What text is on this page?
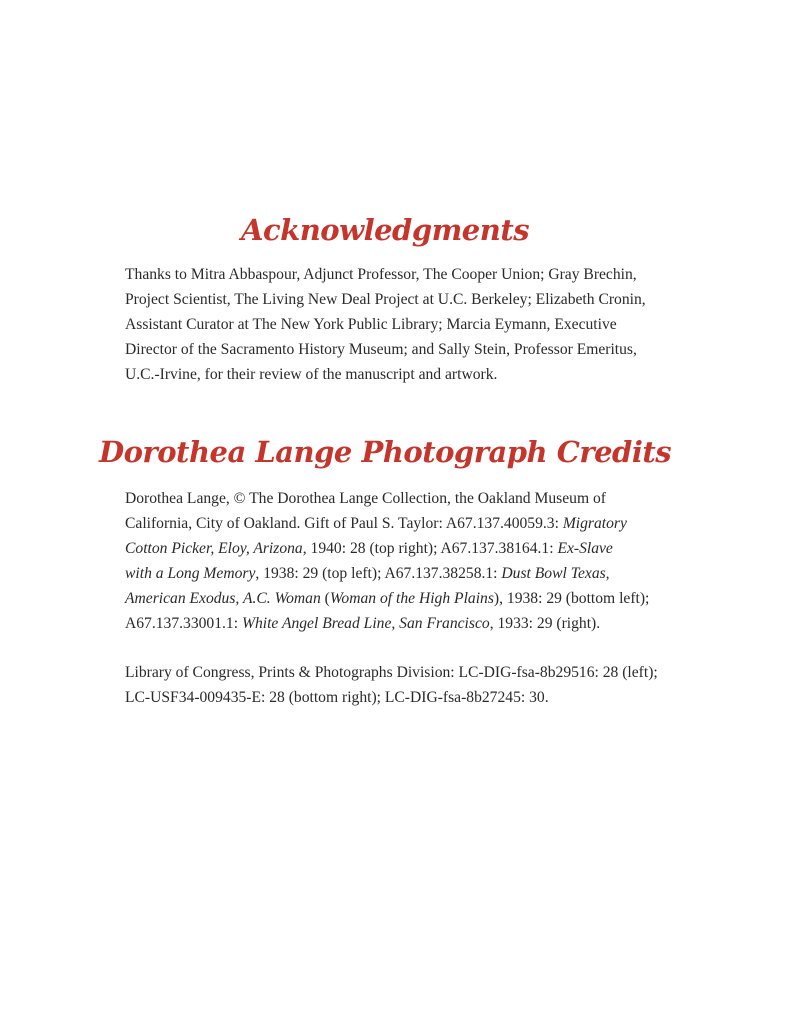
Acknowledgments

Thanks to Mitra Abbaspour, Adjunct Professor, The Cooper Union; Gray Brechin,
Project Scientist, The Living New Deal Project at U.C. Berkeley; Elizabeth Cronin,
Assistant Curator at The New York Public Library; Marcia Eymann, Executive
Director of the Sacramento History Museum; and Sally Stein, Professor Emeritus,
U.C.-Irvine, for their review of the manuscript and artwork.

Dorothea Lange Photograph Credits

Dorothea Lange, © The Dorothea Lange Collection, the Oakland Museum of
California, City of Oakland. Gift of Paul S. Taylor: A67.137.40059.3: Migratory
Cotton Picker, Eloy, Arizona, 1940: 28 (top right); A67.137.38164.1: Ex-Slave
with a Long Memory, 1938: 29 (top left); A67.137.38258.1: Dust Bowl Texas,
American Exodus, A.C. Woman (Woman of the High Plains), 1938: 29 (bottom left);
A67.137.33001.1: White Angel Bread Line, San Francisco, 1933: 29 (right).

Library of Congress, Prints & Photographs Division: LC-DIG-fsa-8b29516: 28 (left);
LC-USF34-009435-E: 28 (bottom right); LC-DIG-fsa-8b27245: 30.
